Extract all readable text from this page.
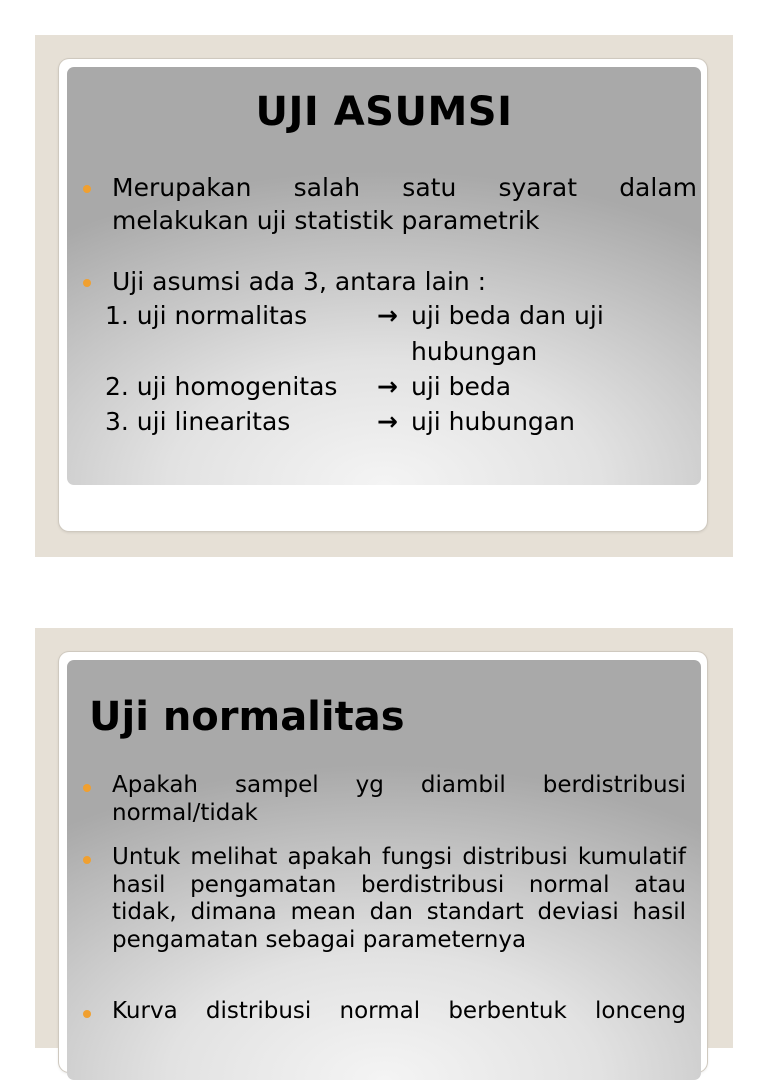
UJI ASUMSI
Merupakan salah satu syarat dalam melakukan uji statistik parametrik
Uji asumsi ada 3, antara lain :
1. uji normalitas	→ uji beda dan uji
hubungan
2. uji homogenitas → uji beda
3. uji linearitas	→ uji hubungan
Uji normalitas
Apakah sampel yg diambil berdistribusi normal/tidak
Untuk melihat apakah fungsi distribusi kumulatif hasil pengamatan berdistribusi normal atau tidak, dimana mean dan standart deviasi hasil pengamatan sebagai parameternya
Kurva distribusi normal berbentuk lonceng
